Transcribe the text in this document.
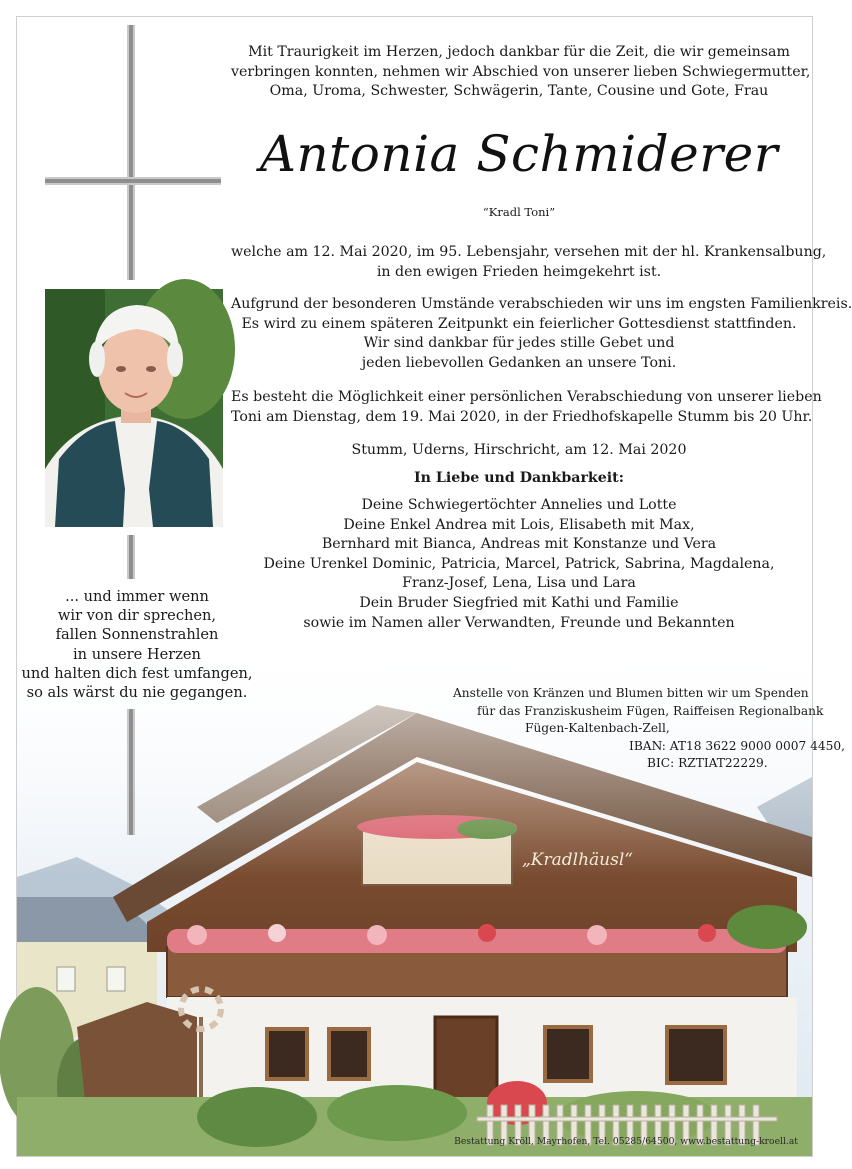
... und immer wenn
wir von dir sprechen,
fallen Sonnenstrahlen
in unsere Herzen
und halten dich fest umfangen,
so als wärst du nie gegangen.
Mit Traurigkeit im Herzen, jedoch dankbar für die Zeit, die wir gemeinsam
verbringen konnten, nehmen wir Abschied von unserer lieben Schwiegermutter,
Oma, Uroma, Schwester, Schwägerin, Tante, Cousine und Gote, Frau
Antonia Schmiderer
“Kradl Toni”
welche am 12. Mai 2020, im 95. Lebensjahr, versehen mit der hl. Krankensalbung,
in den ewigen Frieden heimgekehrt ist.
Aufgrund der besonderen Umstände verabschieden wir uns im engsten Familienkreis.
Es wird zu einem späteren Zeitpunkt ein feierlicher Gottesdienst stattfinden.
Wir sind dankbar für jedes stille Gebet und
jeden liebevollen Gedanken an unsere Toni.
Es besteht die Möglichkeit einer persönlichen Verabschiedung von unserer lieben
Toni am Dienstag, dem 19. Mai 2020, in der Friedhofskapelle Stumm bis 20 Uhr.
Stumm, Uderns, Hirschricht, am 12. Mai 2020
In Liebe und Dankbarkeit:
Deine Schwiegertöchter Annelies und Lotte
Deine Enkel Andrea mit Lois, Elisabeth mit Max,
Bernhard mit Bianca, Andreas mit Konstanze und Vera
Deine Urenkel Dominic, Patricia, Marcel, Patrick, Sabrina, Magdalena,
Franz-Josef, Lena, Lisa und Lara
Dein Bruder Siegfried mit Kathi und Familie
sowie im Namen aller Verwandten, Freunde und Bekannten
Anstelle von Kränzen und Blumen bitten wir um Spenden
für das Franziskusheim Fügen, Raiffeisen Regionalbank
Fügen-Kaltenbach-Zell,
IBAN: AT18 3622 9000 0007 4450,
BIC: RZTIAT22229.
Bestattung Kröll, Mayrhofen, Tel. 05285/64500, www.bestattung-kroell.at
